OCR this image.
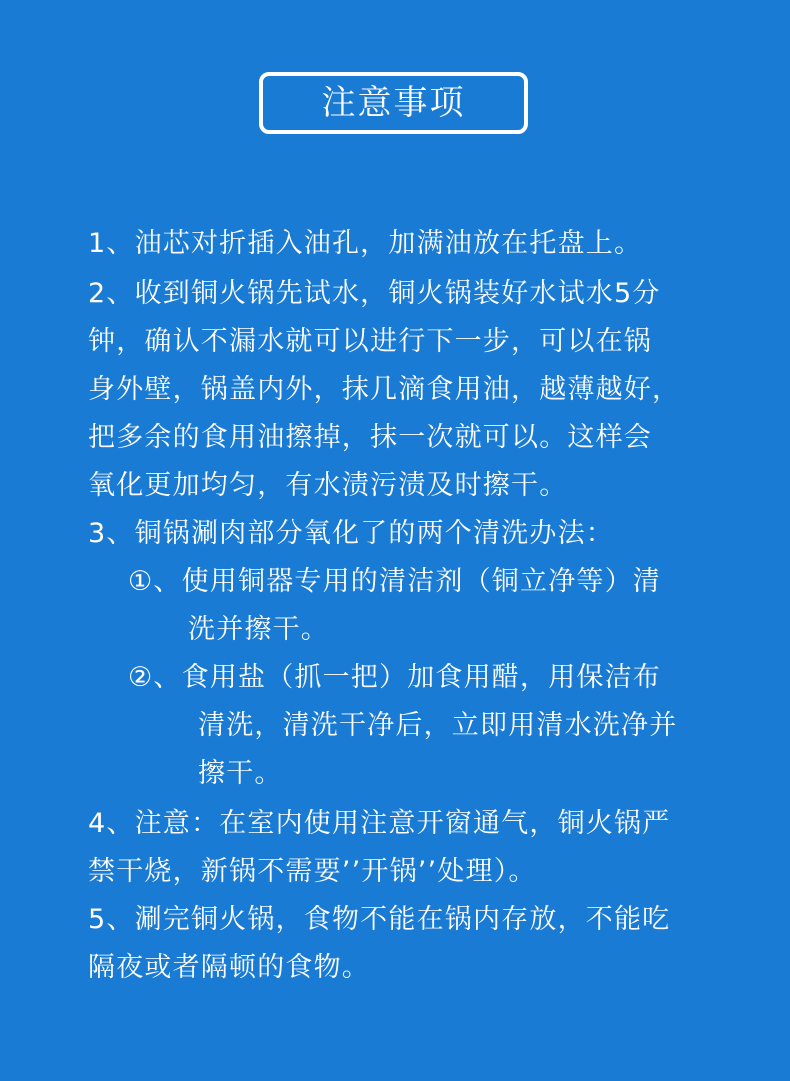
注意事项
1、油芯对折插入油孔，加满油放在托盘上。
2、收到铜火锅先试水，铜火锅装好水试水5分
钟，确认不漏水就可以进行下一步，可以在锅
身外壁，锅盖内外，抹几滴食用油，越薄越好，
把多余的食用油擦掉，抹一次就可以。这样会
氧化更加均匀，有水渍污渍及时擦干。
3、铜锅涮肉部分氧化了的两个清洗办法：
①、使用铜器专用的清洁剂（铜立净等）清
洗并擦干。
②、食用盐（抓一把）加食用醋，用保洁布
清洗，清洗干净后，立即用清水洗净并
擦干。
4、注意：在室内使用注意开窗通气，铜火锅严
禁干烧，新锅不需要’’开锅’’处理）。
5、涮完铜火锅，食物不能在锅内存放，不能吃
隔夜或者隔顿的食物。
